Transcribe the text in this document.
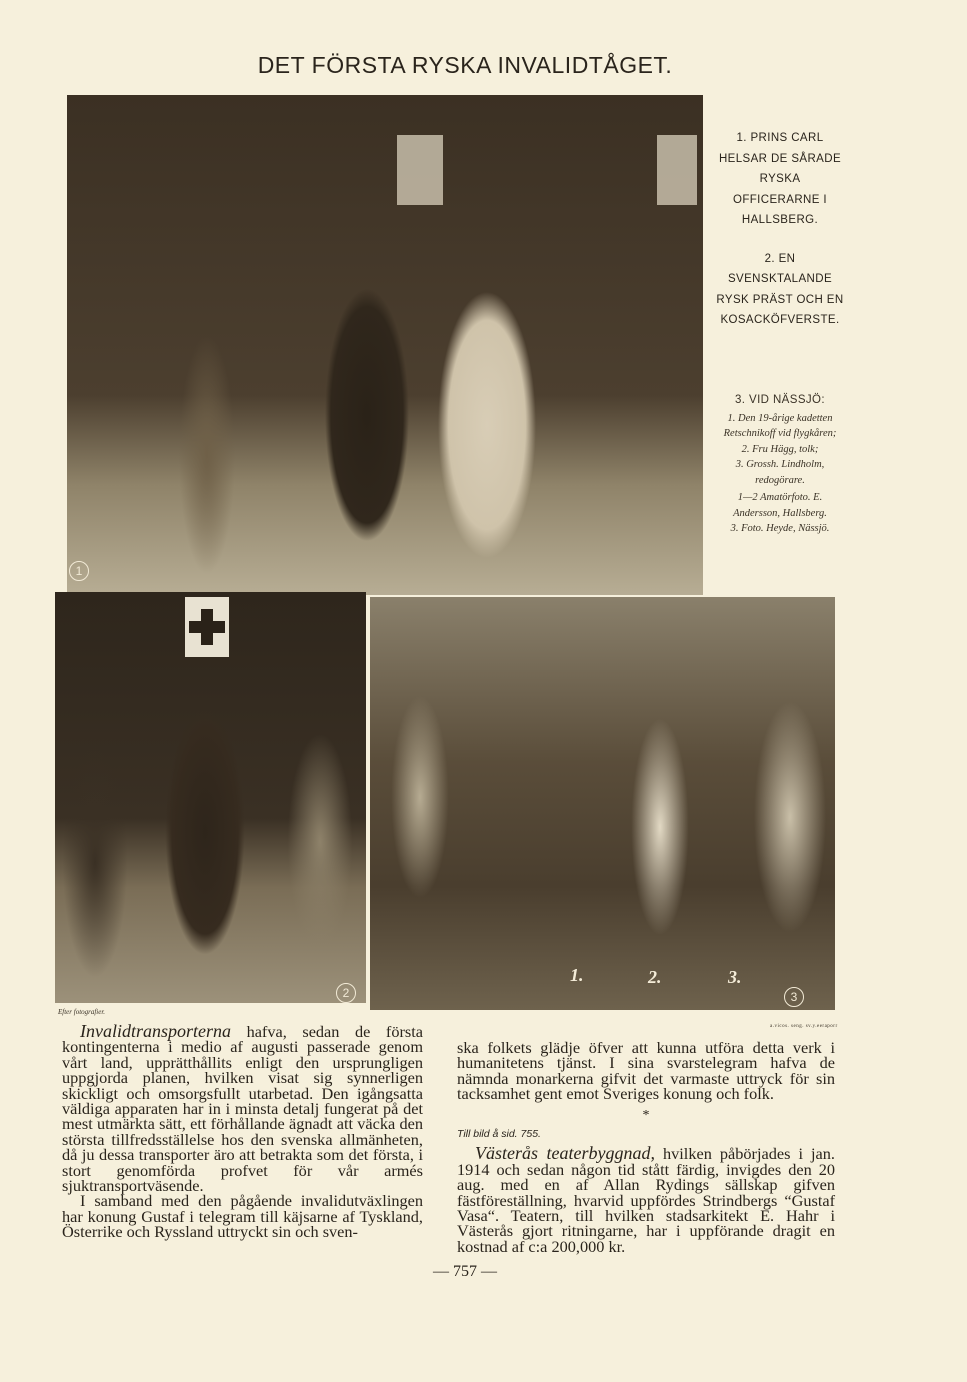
DET FÖRSTA RYSKA INVALIDTÅGET.
1
2
1.	2.	3.
3
1. PRINS CARL HELSAR DE SÅRADE RYSKA OFFICERARNE I HALLSBERG.
2. EN SVENSKTALANDE RYSK PRÄST OCH EN KOSACKÖFVERSTE.
3. VID NÄSSJÖ:
1. Den 19-årige kadetten Retschnikoff vid flygkåren;
2. Fru Hägg, tolk;
3. Grossh. Lindholm, redogörare.
1—2 Amatörfoto. E. Andersson, Hallsberg.
3. Foto. Heyde, Nässjö.
Efter fotografier.
a.vicos. seng. sv.y.eeraporr

Invalidtransporterna hafva, sedan de första kontingenterna i medio af augusti passerade genom vårt land, upprätthållits enligt den ursprungligen uppgjorda planen, hvilken visat sig synnerligen skickligt och omsorgsfullt utarbetad. Den igångsatta väldiga apparaten har in i minsta detalj fungerat på det mest utmärkta sätt, ett förhållande ägnadt att väcka den största tillfredsställelse hos den svenska allmänheten, då ju dessa transporter äro att betrakta som det första, i stort genomförda profvet för vår armés sjuktransportväsende.

I samband med den pågående invalidutväxlingen har konung Gustaf i telegram till käjsarne af Tyskland, Österrike och Ryssland uttryckt sin och sven-

ska folkets glädje öfver att kunna utföra detta verk i humanitetens tjänst. I sina svarstelegram hafva de nämnda monarkerna gifvit det varmaste uttryck för sin tacksamhet gent emot Sveriges konung och folk.

*
Till bild å sid. 755.

Västerås teaterbyggnad, hvilken påbörjades i jan. 1914 och sedan någon tid stått färdig, invigdes den 20 aug. med en af Allan Rydings sällskap gifven fästföreställning, hvarvid uppfördes Strindbergs “Gustaf Vasa“. Teatern, till hvilken stadsarkitekt E. Hahr i Västerås gjort ritningarne, har i uppförande dragit en kostnad af c:a 200,000 kr.

— 757 —
